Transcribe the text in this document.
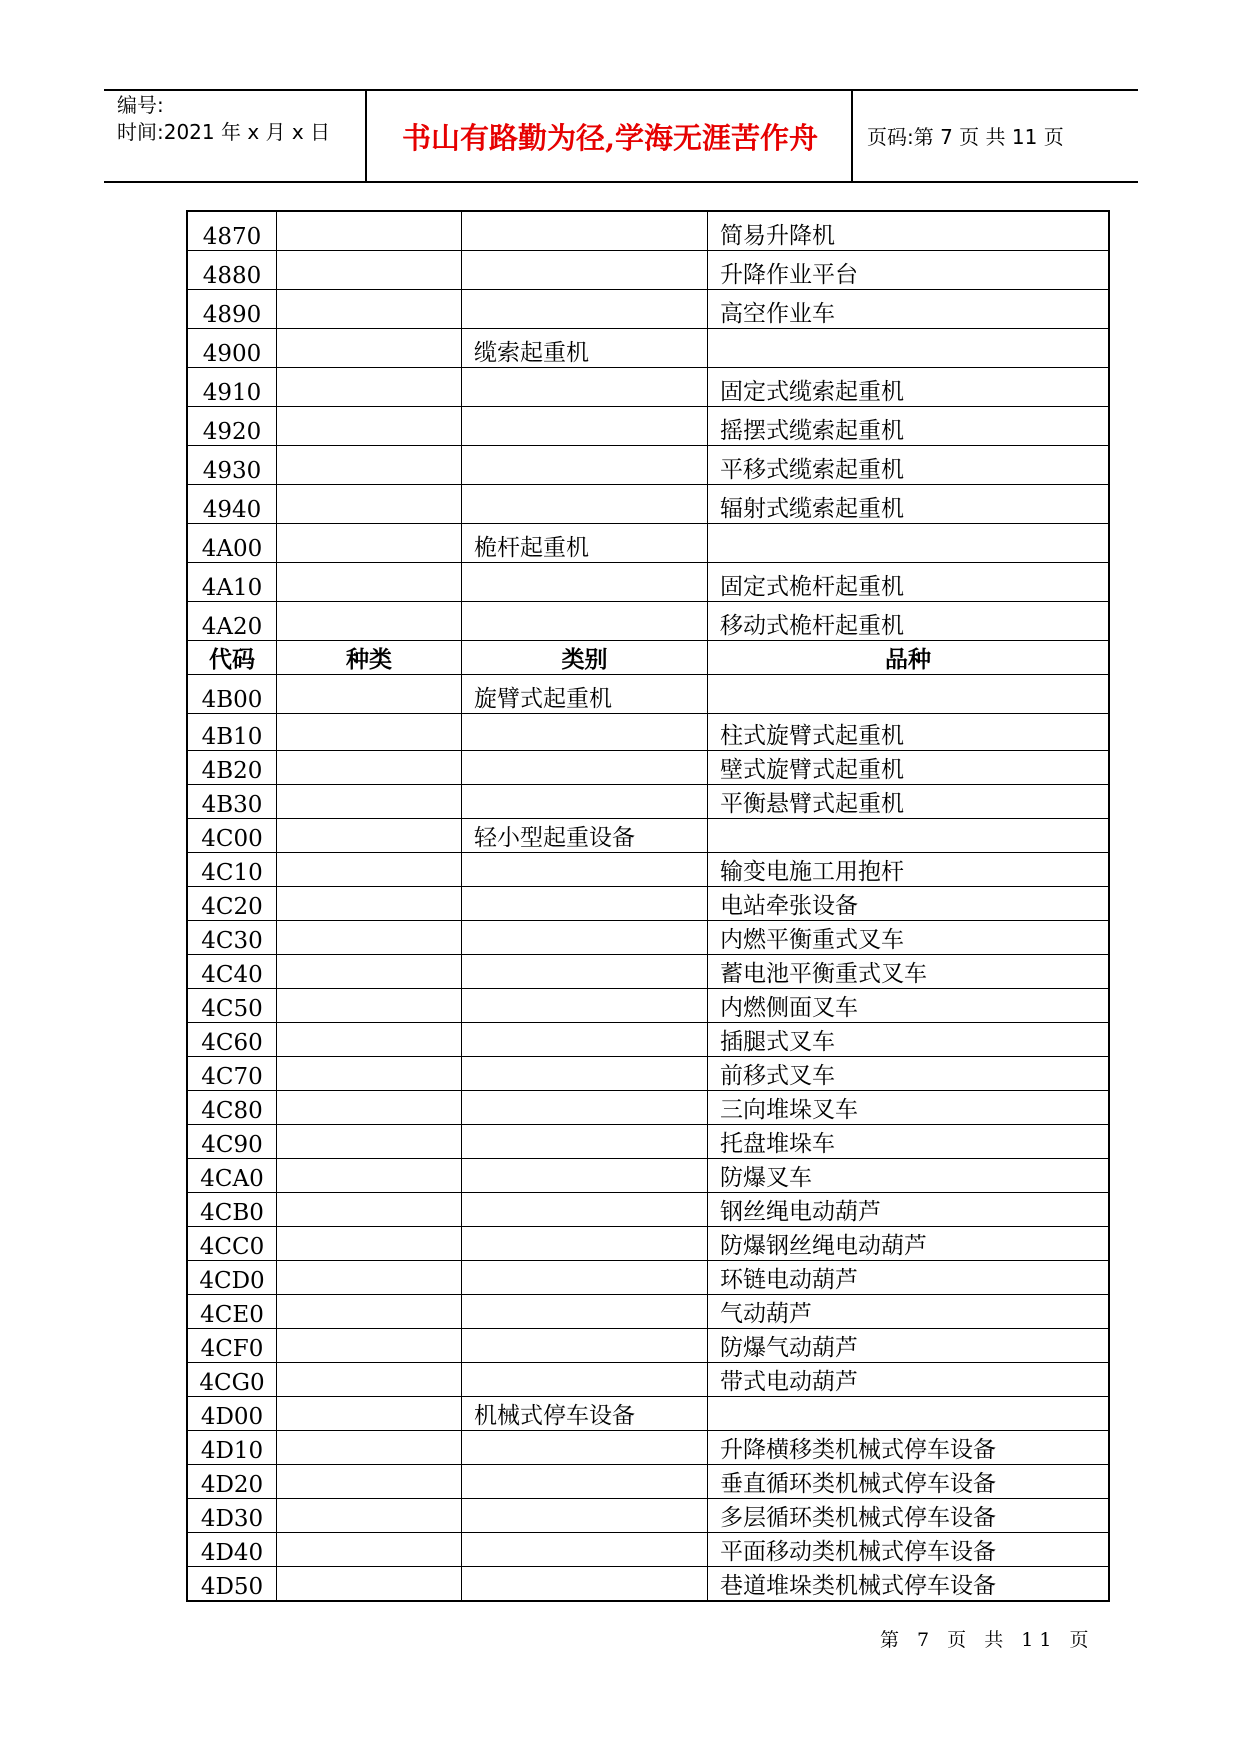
编号:
时间:2021 年 x 月 x 日	书山有路勤为径,学海无涯苦作舟	页码:第 7 页 共 11 页
4870			简易升降机
4880			升降作业平台
4890			高空作业车
4900		缆索起重机	
4910			固定式缆索起重机
4920			摇摆式缆索起重机
4930			平移式缆索起重机
4940			辐射式缆索起重机
4A00		桅杆起重机	
4A10			固定式桅杆起重机
4A20			移动式桅杆起重机
代码	种类	类别	品种
4B00		旋臂式起重机	
4B10			柱式旋臂式起重机
4B20			壁式旋臂式起重机
4B30			平衡悬臂式起重机
4C00		轻小型起重设备	
4C10			输变电施工用抱杆
4C20			电站牵张设备
4C30			内燃平衡重式叉车
4C40			蓄电池平衡重式叉车
4C50			内燃侧面叉车
4C60			插腿式叉车
4C70			前移式叉车
4C80			三向堆垛叉车
4C90			托盘堆垛车
4CA0			防爆叉车
4CB0			钢丝绳电动葫芦
4CC0			防爆钢丝绳电动葫芦
4CD0			环链电动葫芦
4CE0			气动葫芦
4CF0			防爆气动葫芦
4CG0			带式电动葫芦
4D00		机械式停车设备	
4D10			升降横移类机械式停车设备
4D20			垂直循环类机械式停车设备
4D30			多层循环类机械式停车设备
4D40			平面移动类机械式停车设备
4D50			巷道堆垛类机械式停车设备
第 7 页 共 11 页
